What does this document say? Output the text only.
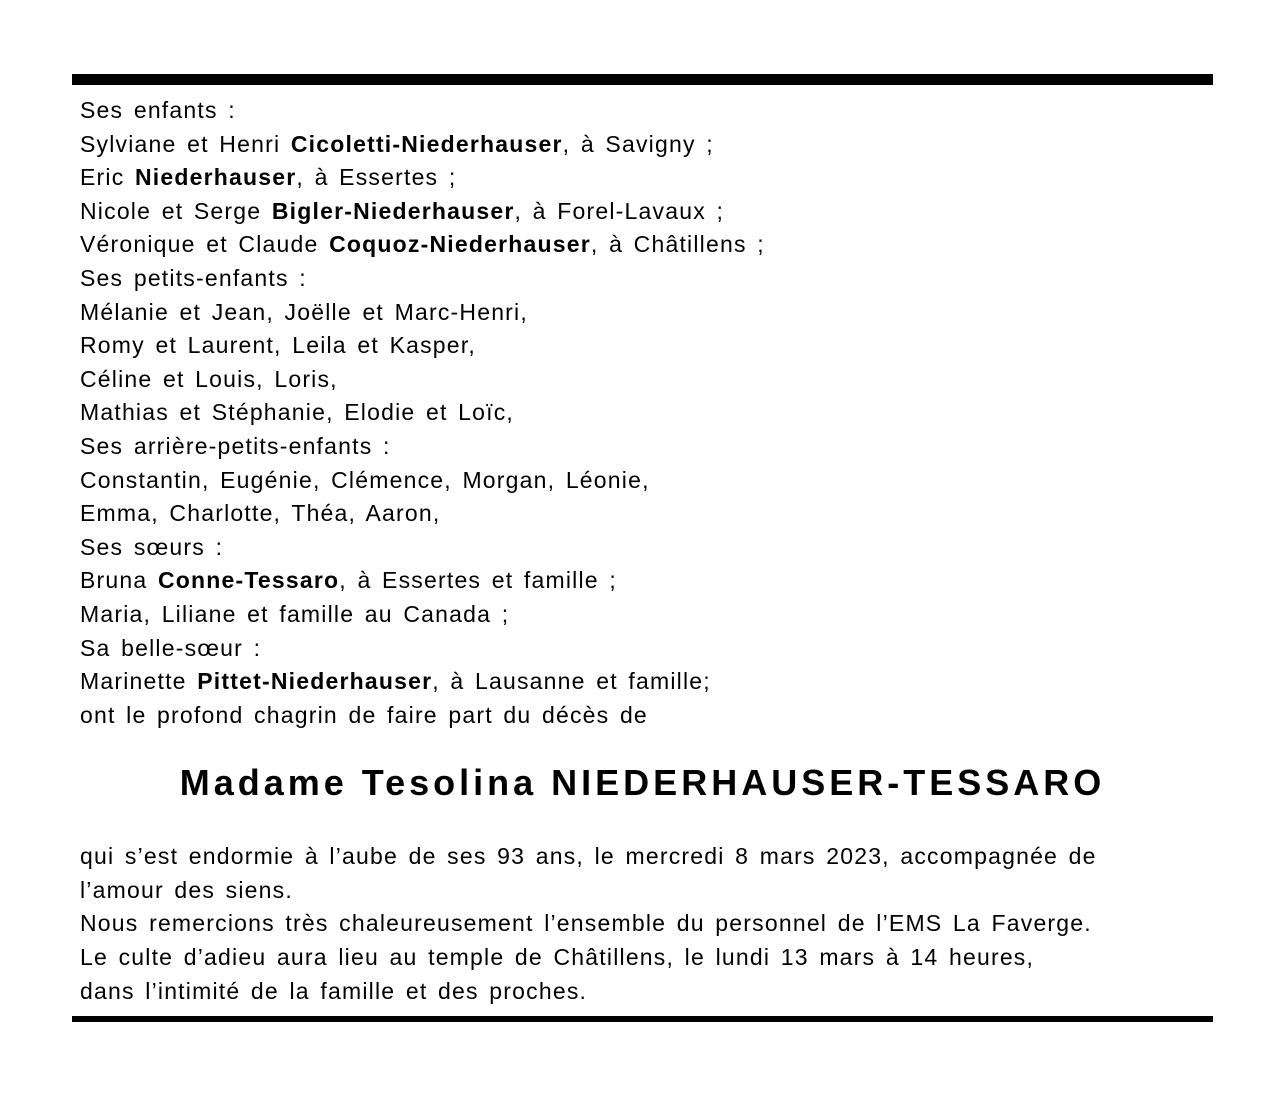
Ses enfants :
Sylviane et Henri Cicoletti-Niederhauser, à Savigny ;
Eric Niederhauser, à Essertes ;
Nicole et Serge Bigler-Niederhauser, à Forel-Lavaux ;
Véronique et Claude Coquoz-Niederhauser, à Châtillens ;
Ses petits-enfants :
Mélanie et Jean, Joëlle et Marc-Henri,
Romy et Laurent, Leila et Kasper,
Céline et Louis, Loris,
Mathias et Stéphanie, Elodie et Loïc,
Ses arrière-petits-enfants :
Constantin, Eugénie, Clémence, Morgan, Léonie,
Emma, Charlotte, Théa, Aaron,
Ses sœurs :
Bruna Conne-Tessaro, à Essertes et famille ;
Maria, Liliane et famille au Canada ;
Sa belle-sœur :
Marinette Pittet-Niederhauser, à Lausanne et famille;
ont le profond chagrin de faire part du décès de
Madame Tesolina NIEDERHAUSER-TESSARO
qui s’est endormie à l’aube de ses 93 ans, le mercredi 8 mars 2023, accompagnée de
l’amour des siens.
Nous remercions très chaleureusement l’ensemble du personnel de l’EMS La Faverge.
Le culte d’adieu aura lieu au temple de Châtillens, le lundi 13 mars à 14 heures,
dans l’intimité de la famille et des proches.
